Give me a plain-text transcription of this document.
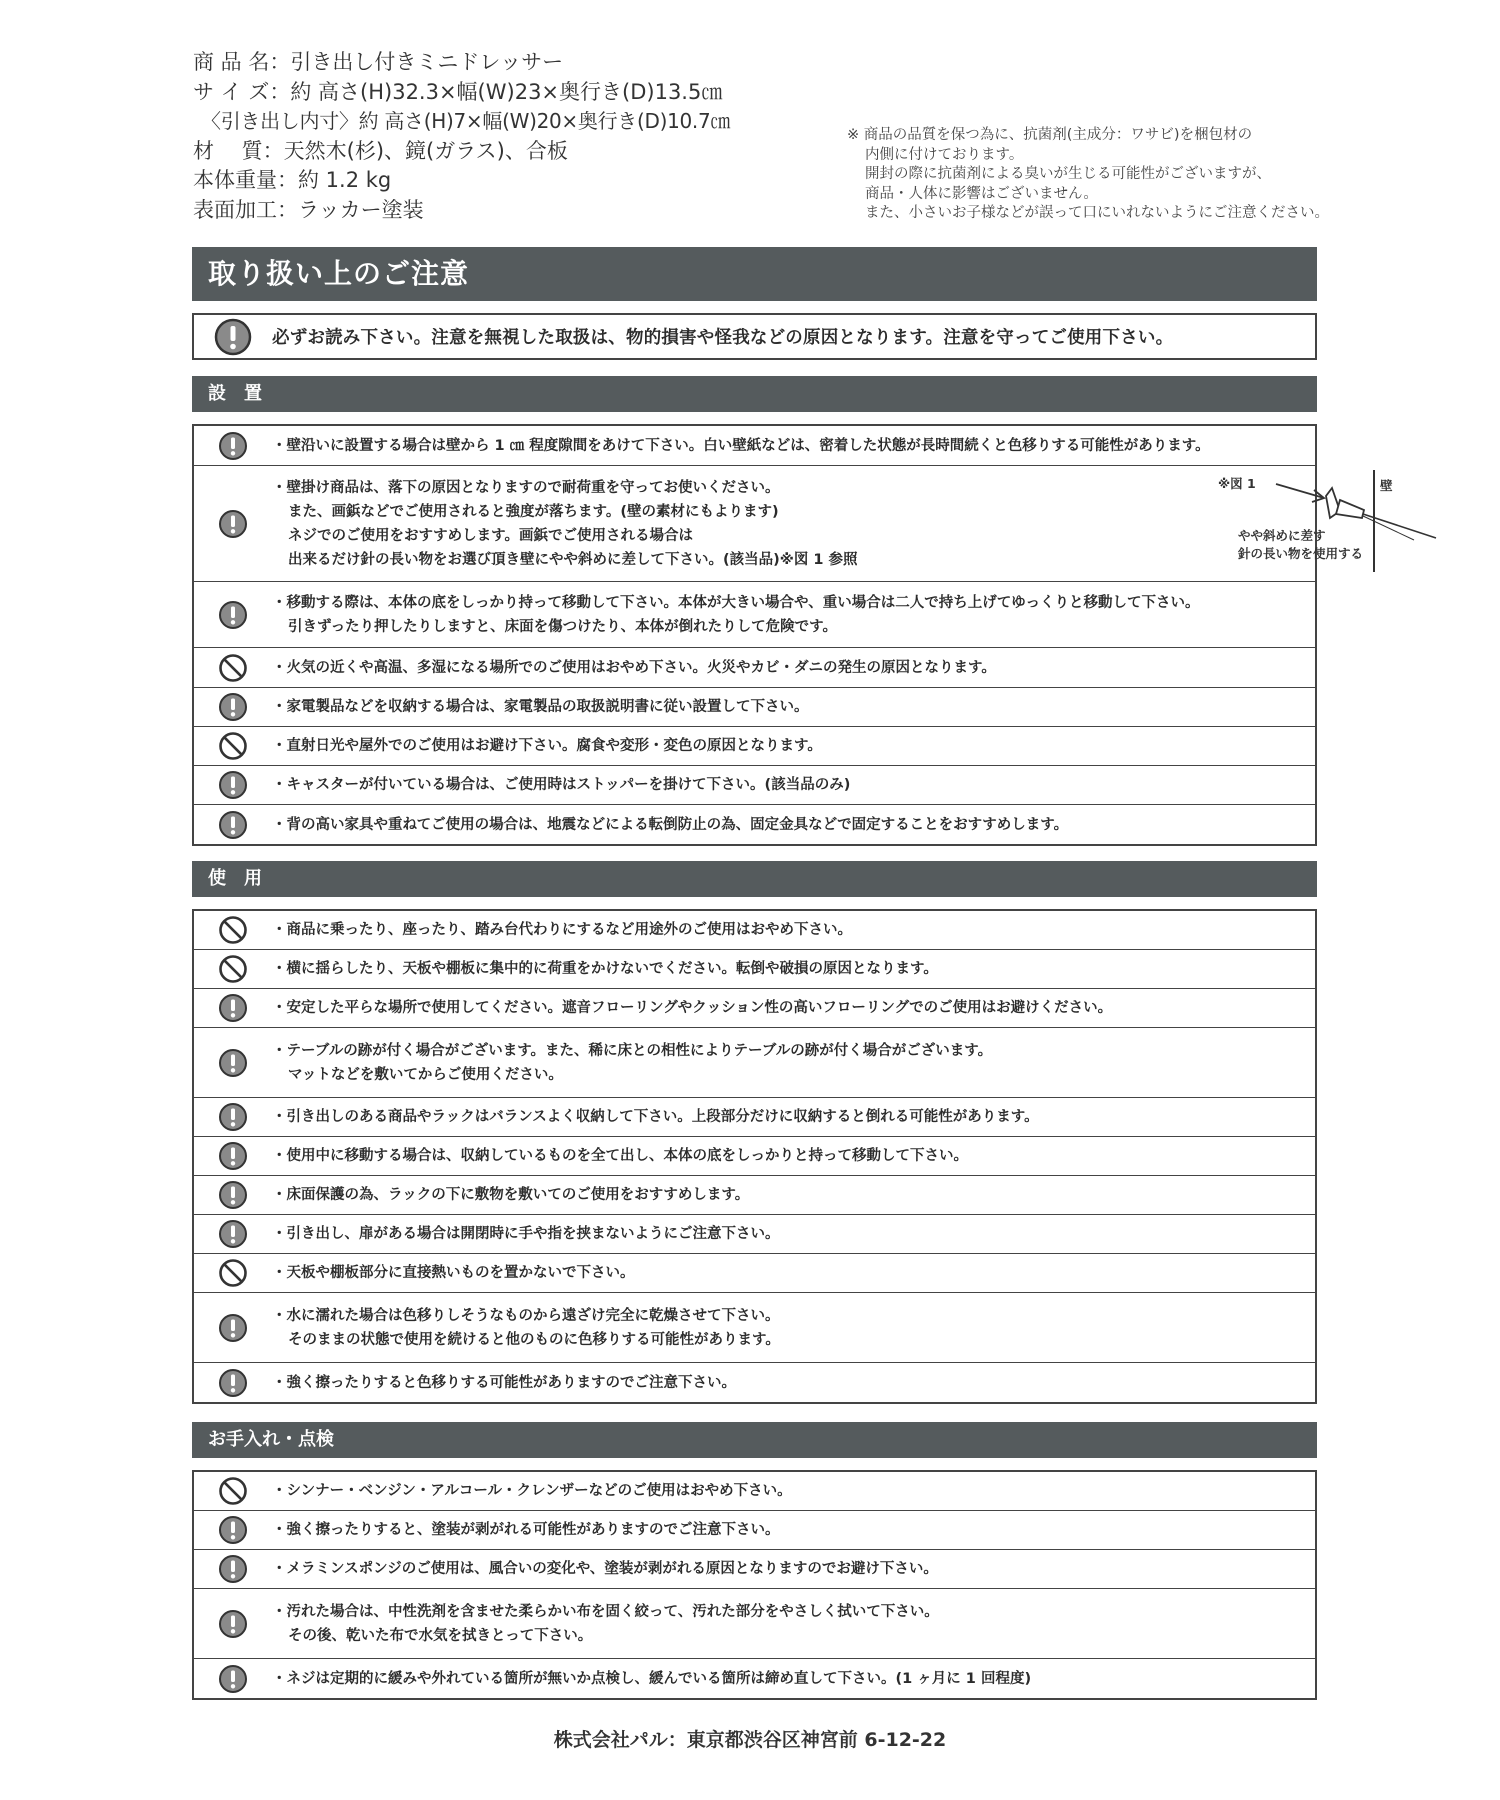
商 品 名：引き出し付きミニドレッサー
サ イ ズ：約 高さ(H)32.3×幅(W)23×奥行き(D)13.5㎝
〈引き出し内寸〉約 高さ(H)7×幅(W)20×奥行き(D)10.7㎝
材　 質：天然木(杉)、鏡(ガラス)、合板
本体重量：約 1.2 kg
表面加工：ラッカー塗装
※ 商品の品質を保つ為に、抗菌剤(主成分：ワサビ)を梱包材の
内側に付けております。
開封の際に抗菌剤による臭いが生じる可能性がございますが、
商品・人体に影響はございません。
また、小さいお子様などが誤って口にいれないようにご注意ください。
取り扱い上のご注意
必ずお読み下さい。注意を無視した取扱は、物的損害や怪我などの原因となります。注意を守ってご使用下さい。
設　置
・ 壁沿いに設置する場合は壁から 1 ㎝ 程度隙間をあけて下さい。白い壁紙などは、密着した状態が長時間続くと色移りする可能性があります。
・ 壁掛け商品は、落下の原因となりますので耐荷重を守ってお使いください。
また、画鋲などでご使用されると強度が落ちます。(壁の素材にもよります)
ネジでのご使用をおすすめします。画鋲でご使用される場合は
出来るだけ針の長い物をお選び頂き壁にやや斜めに差して下さい。(該当品)※図 1 参照
※図 1	壁
やや斜めに差す
針の長い物を使用する
・ 移動する際は、本体の底をしっかり持って移動して下さい。本体が大きい場合や、重い場合は二人で持ち上げてゆっくりと移動して下さい。
引きずったり押したりしますと、床面を傷つけたり、本体が倒れたりして危険です。
・ 火気の近くや高温、多湿になる場所でのご使用はおやめ下さい。火災やカビ・ダニの発生の原因となります。
・ 家電製品などを収納する場合は、家電製品の取扱説明書に従い設置して下さい。
・ 直射日光や屋外でのご使用はお避け下さい。腐食や変形・変色の原因となります。
・ キャスターが付いている場合は、ご使用時はストッパーを掛けて下さい。(該当品のみ)
・ 背の高い家具や重ねてご使用の場合は、地震などによる転倒防止の為、固定金具などで固定することをおすすめします。
使　用
・ 商品に乗ったり、座ったり、踏み台代わりにするなど用途外のご使用はおやめ下さい。
・ 横に揺らしたり、天板や棚板に集中的に荷重をかけないでください。転倒や破損の原因となります。
・ 安定した平らな場所で使用してください。遮音フローリングやクッション性の高いフローリングでのご使用はお避けください。
・ テーブルの跡が付く場合がございます。また、稀に床との相性によりテーブルの跡が付く場合がございます。
マットなどを敷いてからご使用ください。
・ 引き出しのある商品やラックはバランスよく収納して下さい。上段部分だけに収納すると倒れる可能性があります。
・ 使用中に移動する場合は、収納しているものを全て出し、本体の底をしっかりと持って移動して下さい。
・ 床面保護の為、ラックの下に敷物を敷いてのご使用をおすすめします。
・ 引き出し、扉がある場合は開閉時に手や指を挟まないようにご注意下さい。
・ 天板や棚板部分に直接熱いものを置かないで下さい。
・ 水に濡れた場合は色移りしそうなものから遠ざけ完全に乾燥させて下さい。
そのままの状態で使用を続けると他のものに色移りする可能性があります。
・ 強く擦ったりすると色移りする可能性がありますのでご注意下さい。
お手入れ・点検
・ シンナー・ベンジン・アルコール・クレンザーなどのご使用はおやめ下さい。
・ 強く擦ったりすると、塗装が剥がれる可能性がありますのでご注意下さい。
・ メラミンスポンジのご使用は、風合いの変化や、塗装が剥がれる原因となりますのでお避け下さい。
・ 汚れた場合は、中性洗剤を含ませた柔らかい布を固く絞って、汚れた部分をやさしく拭いて下さい。
その後、乾いた布で水気を拭きとって下さい。
・ ネジは定期的に緩みや外れている箇所が無いか点検し、緩んでいる箇所は締め直して下さい。(1 ヶ月に 1 回程度)
株式会社パル：東京都渋谷区神宮前 6-12-22
